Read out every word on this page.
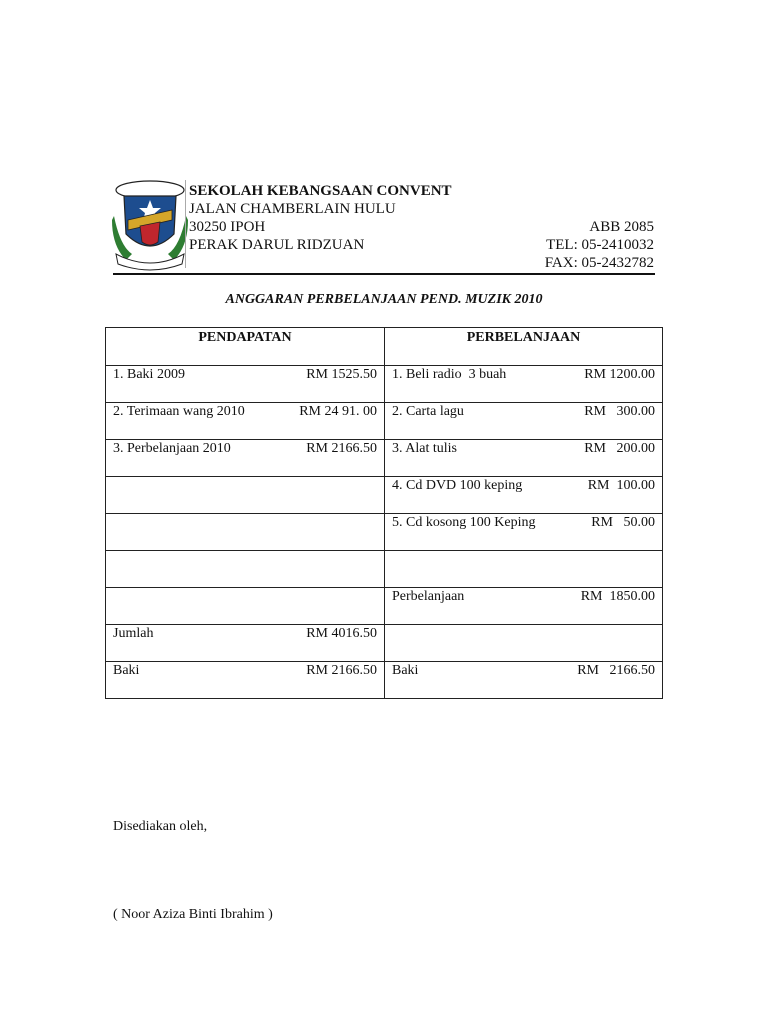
SEKOLAH KEBANGSAAN CONVENT
JALAN CHAMBERLAIN HULU
30250 IPOH
PERAK DARUL RIDZUAN
ABB 2085
TEL: 05-2410032
FAX: 05-2432782
ANGGARAN PERBELANJAAN PEND. MUZIK 2010
PENDAPATAN	PERBELANJAAN

1. Baki 2009 RM 1525.50	1. Beli radio  3 buah RM 1200.00

2. Terimaan wang 2010 RM 24 91. 00	2. Carta lagu RM   300.00

3. Perbelanjaan 2010 RM 2166.50	3. Alat tulis RM   200.00

	4. Cd DVD 100 keping RM  100.00

	5. Cd kosong 100 Keping RM   50.00

	Perbelanjaan RM  1850.00

Jumlah RM 4016.50	

Baki RM 2166.50	Baki RM   2166.50
Disediakan oleh,
( Noor Aziza Binti Ibrahim )
